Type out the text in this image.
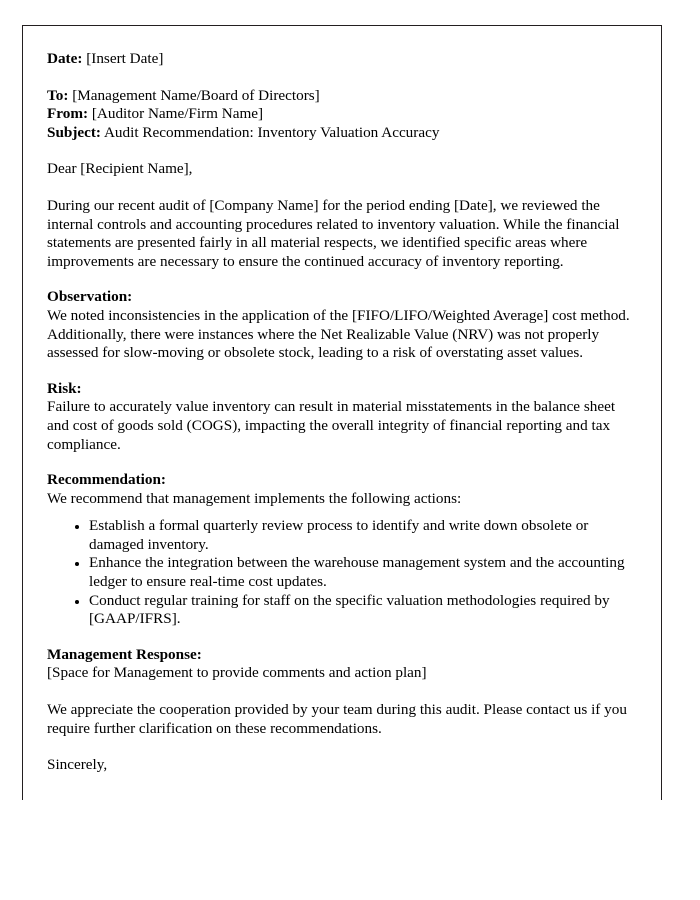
Date: [Insert Date]

To: [Management Name/Board of Directors]

From: [Auditor Name/Firm Name]

Subject: Audit Recommendation: Inventory Valuation Accuracy

Dear [Recipient Name],

During our recent audit of [Company Name] for the period ending [Date], we reviewed the internal controls and accounting procedures related to inventory valuation. While the financial statements are presented fairly in all material respects, we identified specific areas where improvements are necessary to ensure the continued accuracy of inventory reporting.

Observation:

We noted inconsistencies in the application of the [FIFO/LIFO/Weighted Average] cost method. Additionally, there were instances where the Net Realizable Value (NRV) was not properly assessed for slow-moving or obsolete stock, leading to a risk of overstating asset values.

Risk:

Failure to accurately value inventory can result in material misstatements in the balance sheet and cost of goods sold (COGS), impacting the overall integrity of financial reporting and tax compliance.

Recommendation:

We recommend that management implements the following actions:

• Establish a formal quarterly review process to identify and write down obsolete or damaged inventory.
• Enhance the integration between the warehouse management system and the accounting ledger to ensure real-time cost updates.
• Conduct regular training for staff on the specific valuation methodologies required by [GAAP/IFRS].

Management Response:

[Space for Management to provide comments and action plan]

We appreciate the cooperation provided by your team during this audit. Please contact us if you require further clarification on these recommendations.

Sincerely,
